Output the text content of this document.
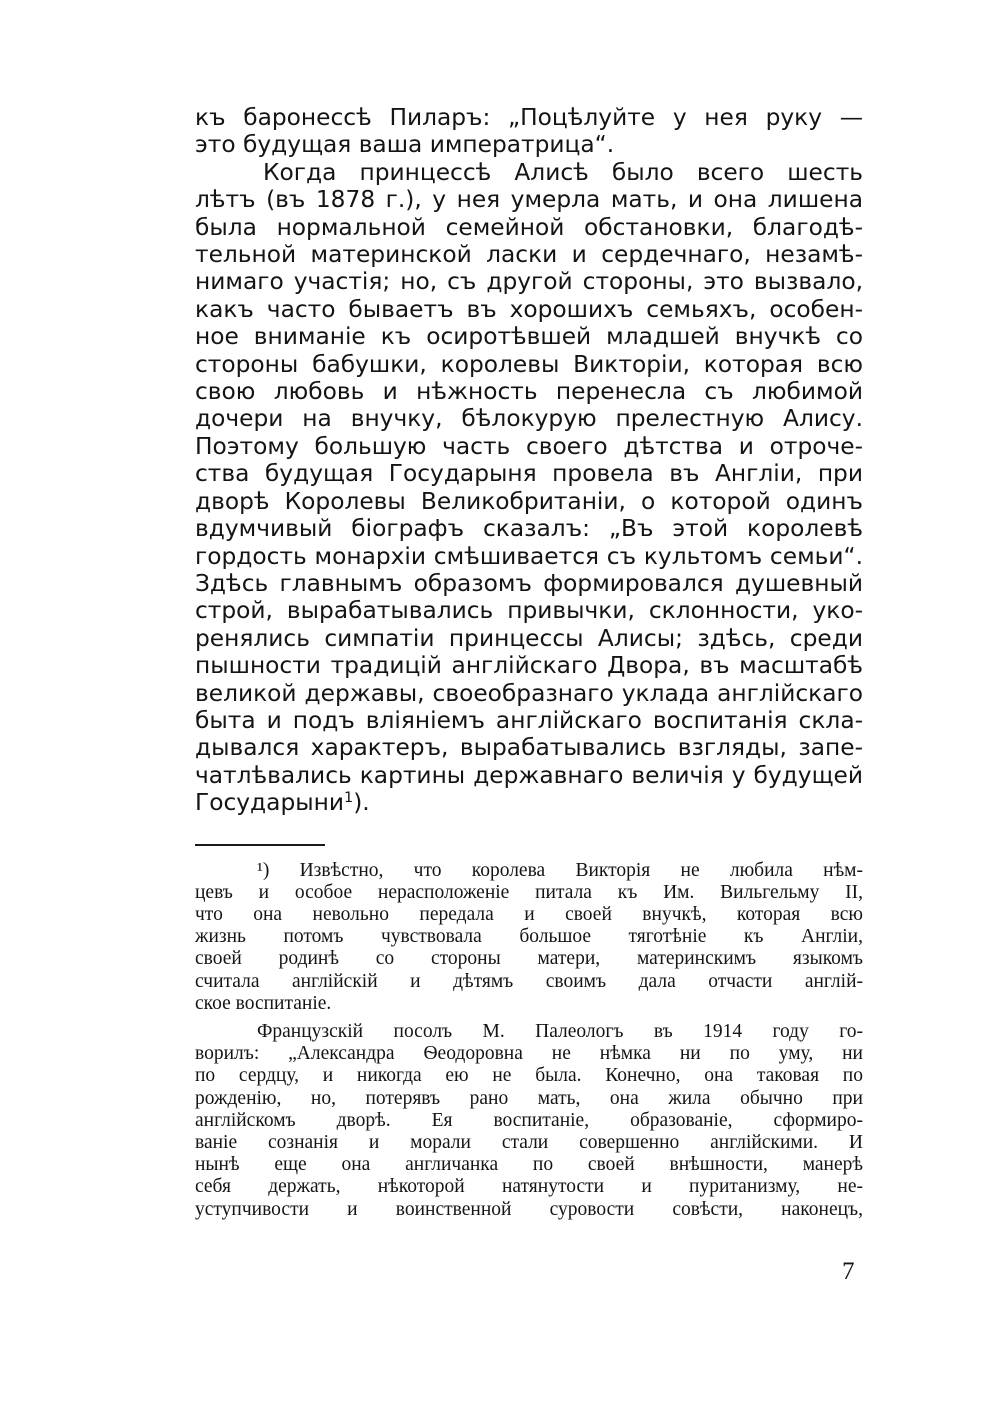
къ баронессѣ Пиларъ: „Поцѣлуйте у нея руку —
это будущая ваша императрица“.
Когда принцессѣ Алисѣ было всего шесть
лѣтъ (въ 1878 г.), у нея умерла мать, и она лишена
была нормальной семейной обстановки, благодѣ-
тельной материнской ласки и сердечнаго, незамѣ-
нимаго участія; но, съ другой стороны, это вызвало,
какъ часто бываетъ въ хорошихъ семьяхъ, особен-
ное вниманіе къ осиротѣвшей младшей внучкѣ со
стороны бабушки, королевы Викторіи, которая всю
свою любовь и нѣжность перенесла съ любимой
дочери на внучку, бѣлокурую прелестную Алису.
Поэтому большую часть своего дѣтства и отроче-
ства будущая Государыня провела въ Англіи, при
дворѣ Королевы Великобританіи, о которой одинъ
вдумчивый біографъ сказалъ: „Въ этой королевѣ
гордость монархіи смѣшивается съ культомъ семьи“.
Здѣсь главнымъ образомъ формировался душевный
строй, вырабатывались привычки, склонности, уко-
ренялись симпатіи принцессы Алисы; здѣсь, среди
пышности традицій англійскаго Двора, въ масштабѣ
великой державы, своеобразнаго уклада англійскаго
быта и подъ вліяніемъ англійскаго воспитанія скла-
дывался характеръ, вырабатывались взгляды, запе-
чатлѣвались картины державнаго величія у будущей
Государыни$^1$).
¹) Извѣстно, что королева Викторія не любила нѣм-
цевъ и особое нерасположеніе питала къ Им. Вильгельму II,
что она невольно передала и своей внучкѣ, которая всю
жизнь потомъ чувствовала большое тяготѣніе къ Англіи,
своей родинѣ со стороны матери, материнскимъ языкомъ
считала англійскій и дѣтямъ своимъ дала отчасти англій-
ское воспитаніе.
Французскій посолъ М. Палеологъ въ 1914 году го-
ворилъ: „Александра Ѳеодоровна не нѣмка ни по уму, ни
по сердцу, и никогда ею не была. Конечно, она таковая по
рожденію, но, потерявъ рано мать, она жила обычно при
англійскомъ дворѣ. Ея воспитаніе, образованіе, сформиро-
ваніе сознанія и морали стали совершенно англійскими. И
нынѣ еще она англичанка по своей внѣшности, манерѣ
себя держать, нѣкоторой натянутости и пуританизму, не-
уступчивости и воинственной суровости совѣсти, наконецъ,
7
